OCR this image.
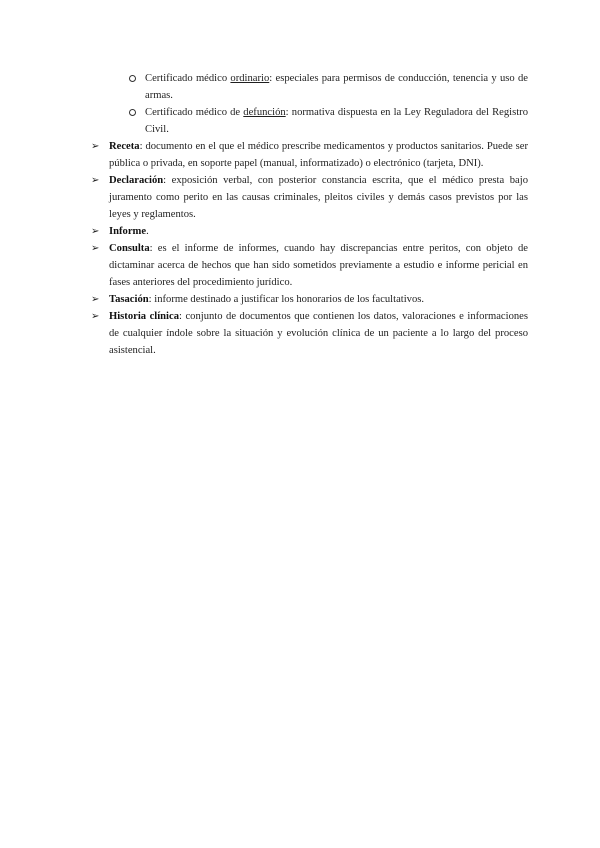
Certificado médico ordinario: especiales para permisos de conducción, tenencia y uso de armas.
Certificado médico de defunción: normativa dispuesta en la Ley Reguladora del Registro Civil.
➢ Receta: documento en el que el médico prescribe medicamentos y productos sanitarios. Puede ser pública o privada, en soporte papel (manual, informatizado) o electrónico (tarjeta, DNI).
➢ Declaración: exposición verbal, con posterior constancia escrita, que el médico presta bajo juramento como perito en las causas criminales, pleitos civiles y demás casos previstos por las leyes y reglamentos.
➢ Informe.
➢ Consulta: es el informe de informes, cuando hay discrepancias entre peritos, con objeto de dictaminar acerca de hechos que han sido sometidos previamente a estudio e informe pericial en fases anteriores del procedimiento jurídico.
➢ Tasación: informe destinado a justificar los honorarios de los facultativos.
➢ Historia clínica: conjunto de documentos que contienen los datos, valoraciones e informaciones de cualquier índole sobre la situación y evolución clínica de un paciente a lo largo del proceso asistencial.
